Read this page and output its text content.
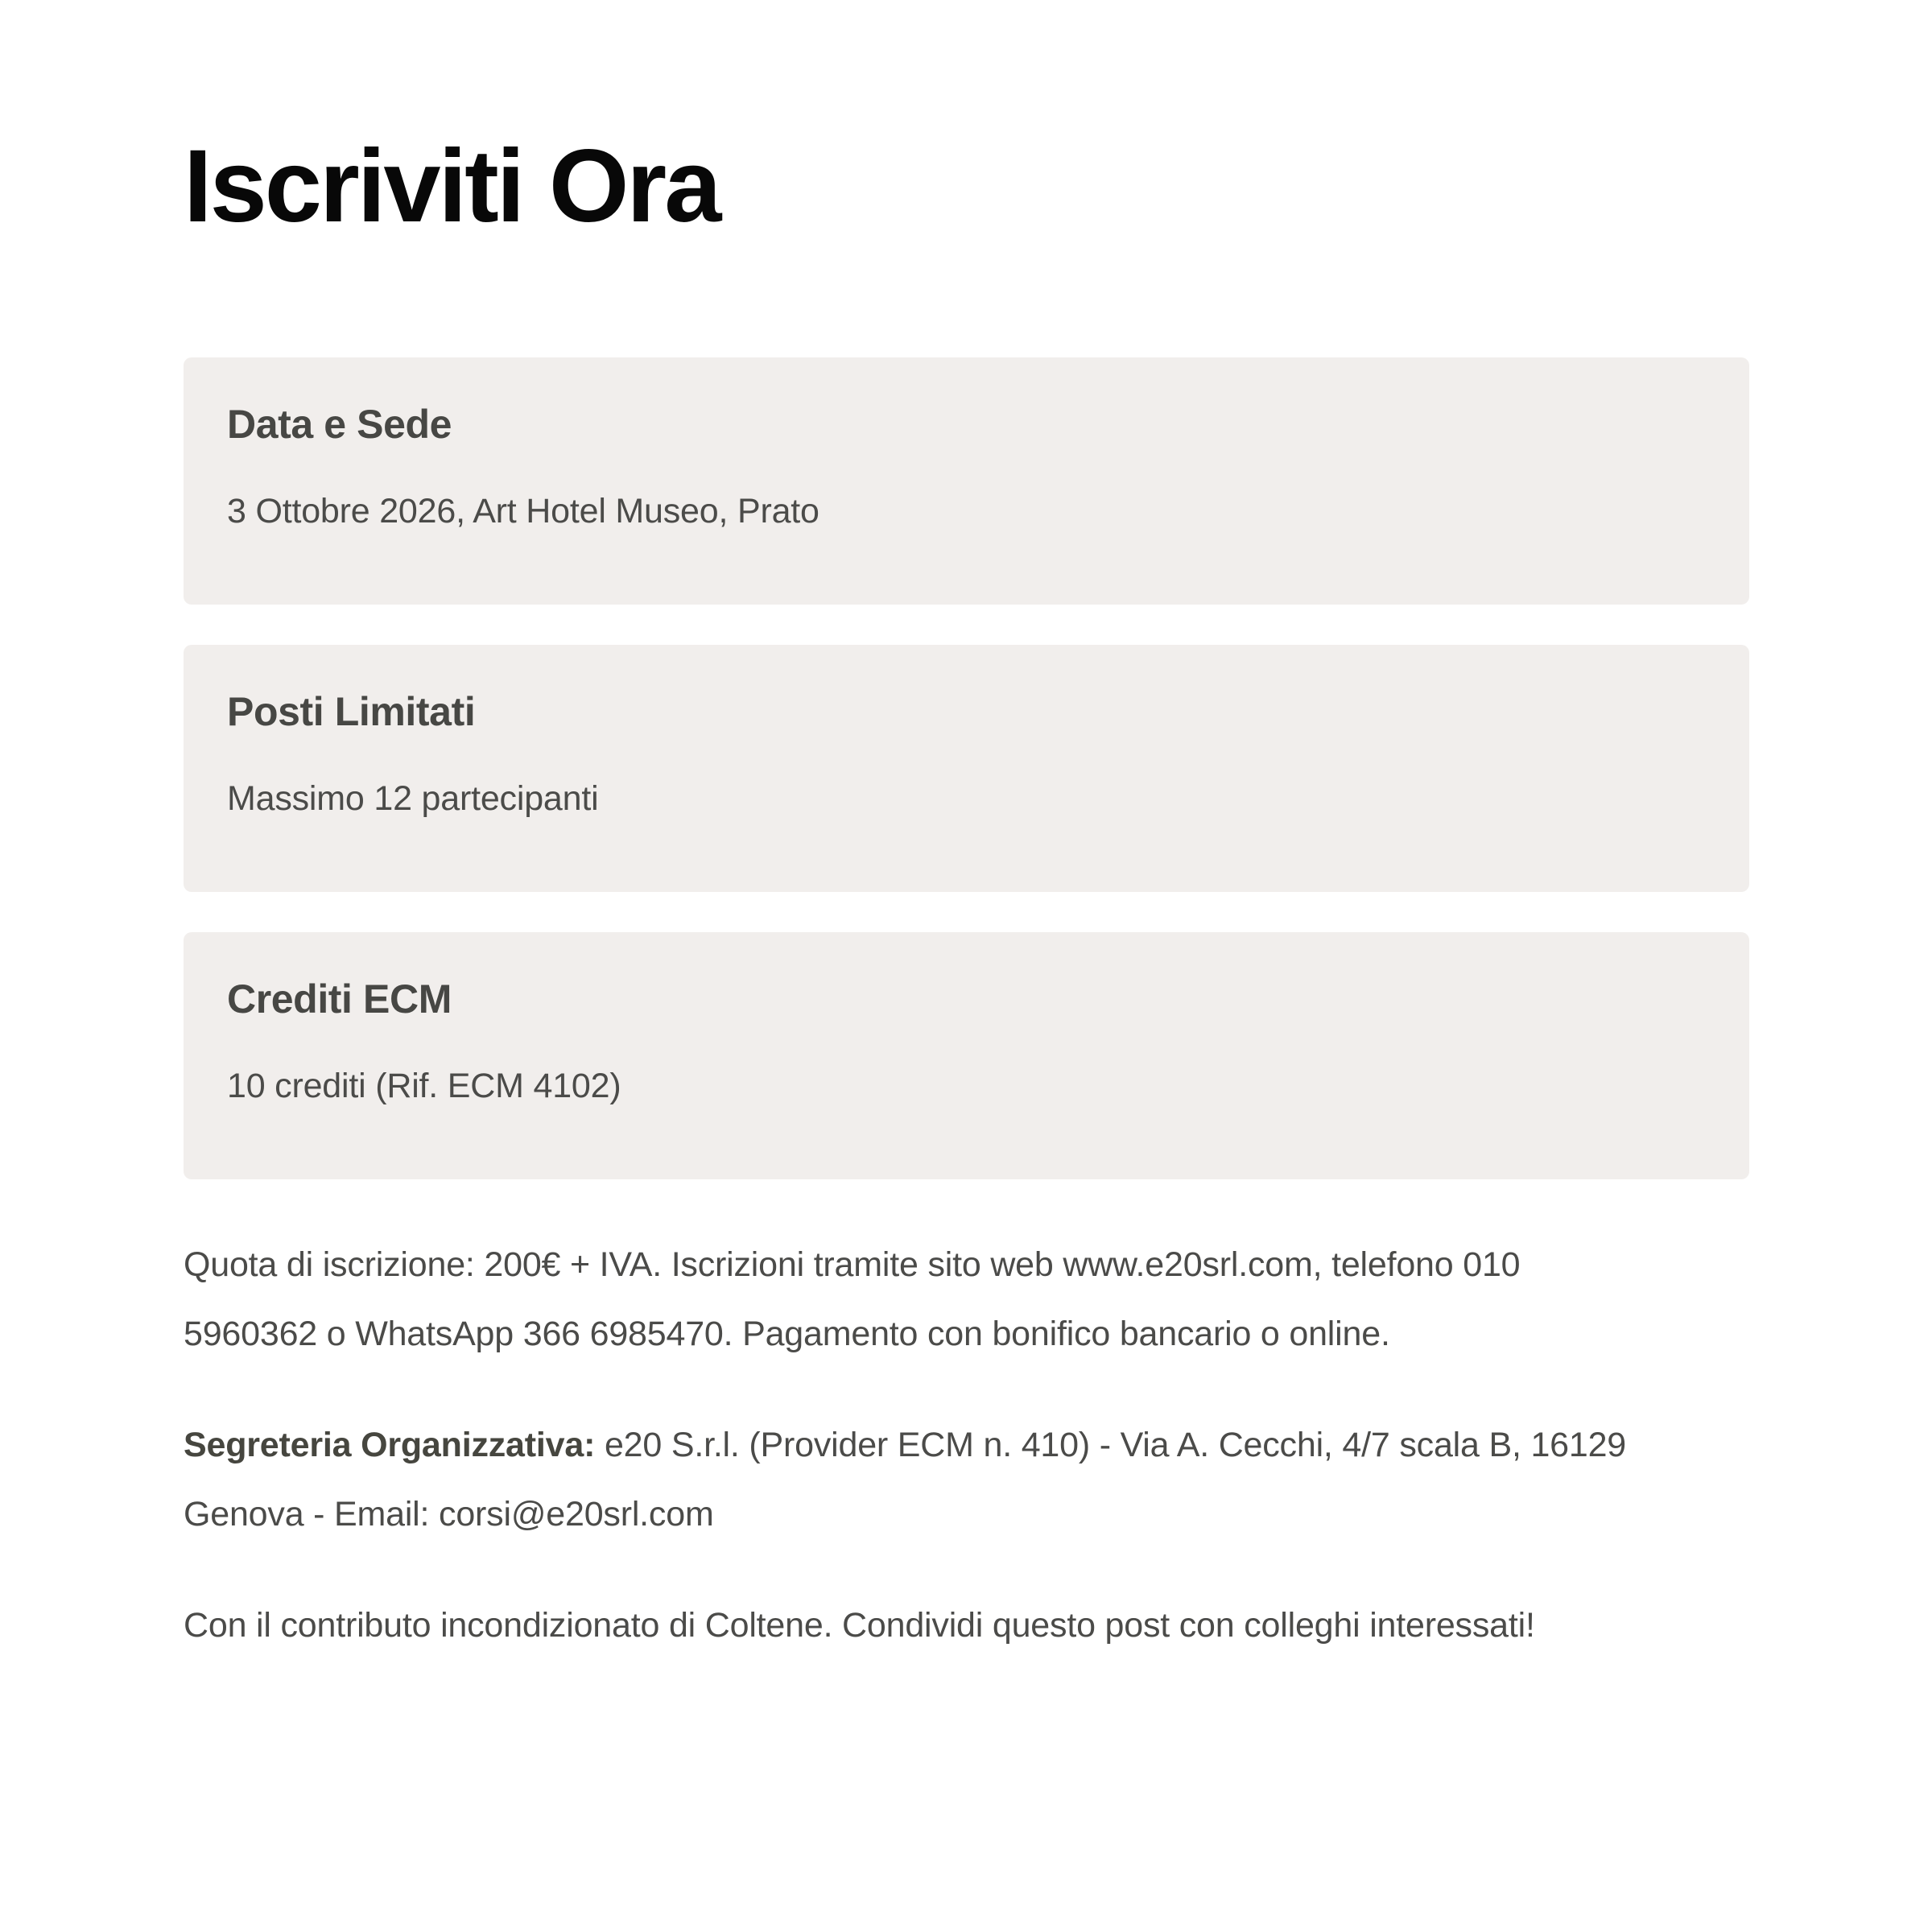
Iscriviti Ora

Data e Sede

3 Ottobre 2026, Art Hotel Museo, Prato

Posti Limitati

Massimo 12 partecipanti

Crediti ECM

10 crediti (Rif. ECM 4102)

Quota di iscrizione: 200€ + IVA. Iscrizioni tramite sito web www.e20srl.com, telefono 010 5960362 o WhatsApp 366 6985470. Pagamento con bonifico bancario o online.

Segreteria Organizzativa: e20 S.r.l. (Provider ECM n. 410) - Via A. Cecchi, 4/7 scala B, 16129 Genova - Email: corsi@e20srl.com

Con il contributo incondizionato di Coltene. Condividi questo post con colleghi interessati!
